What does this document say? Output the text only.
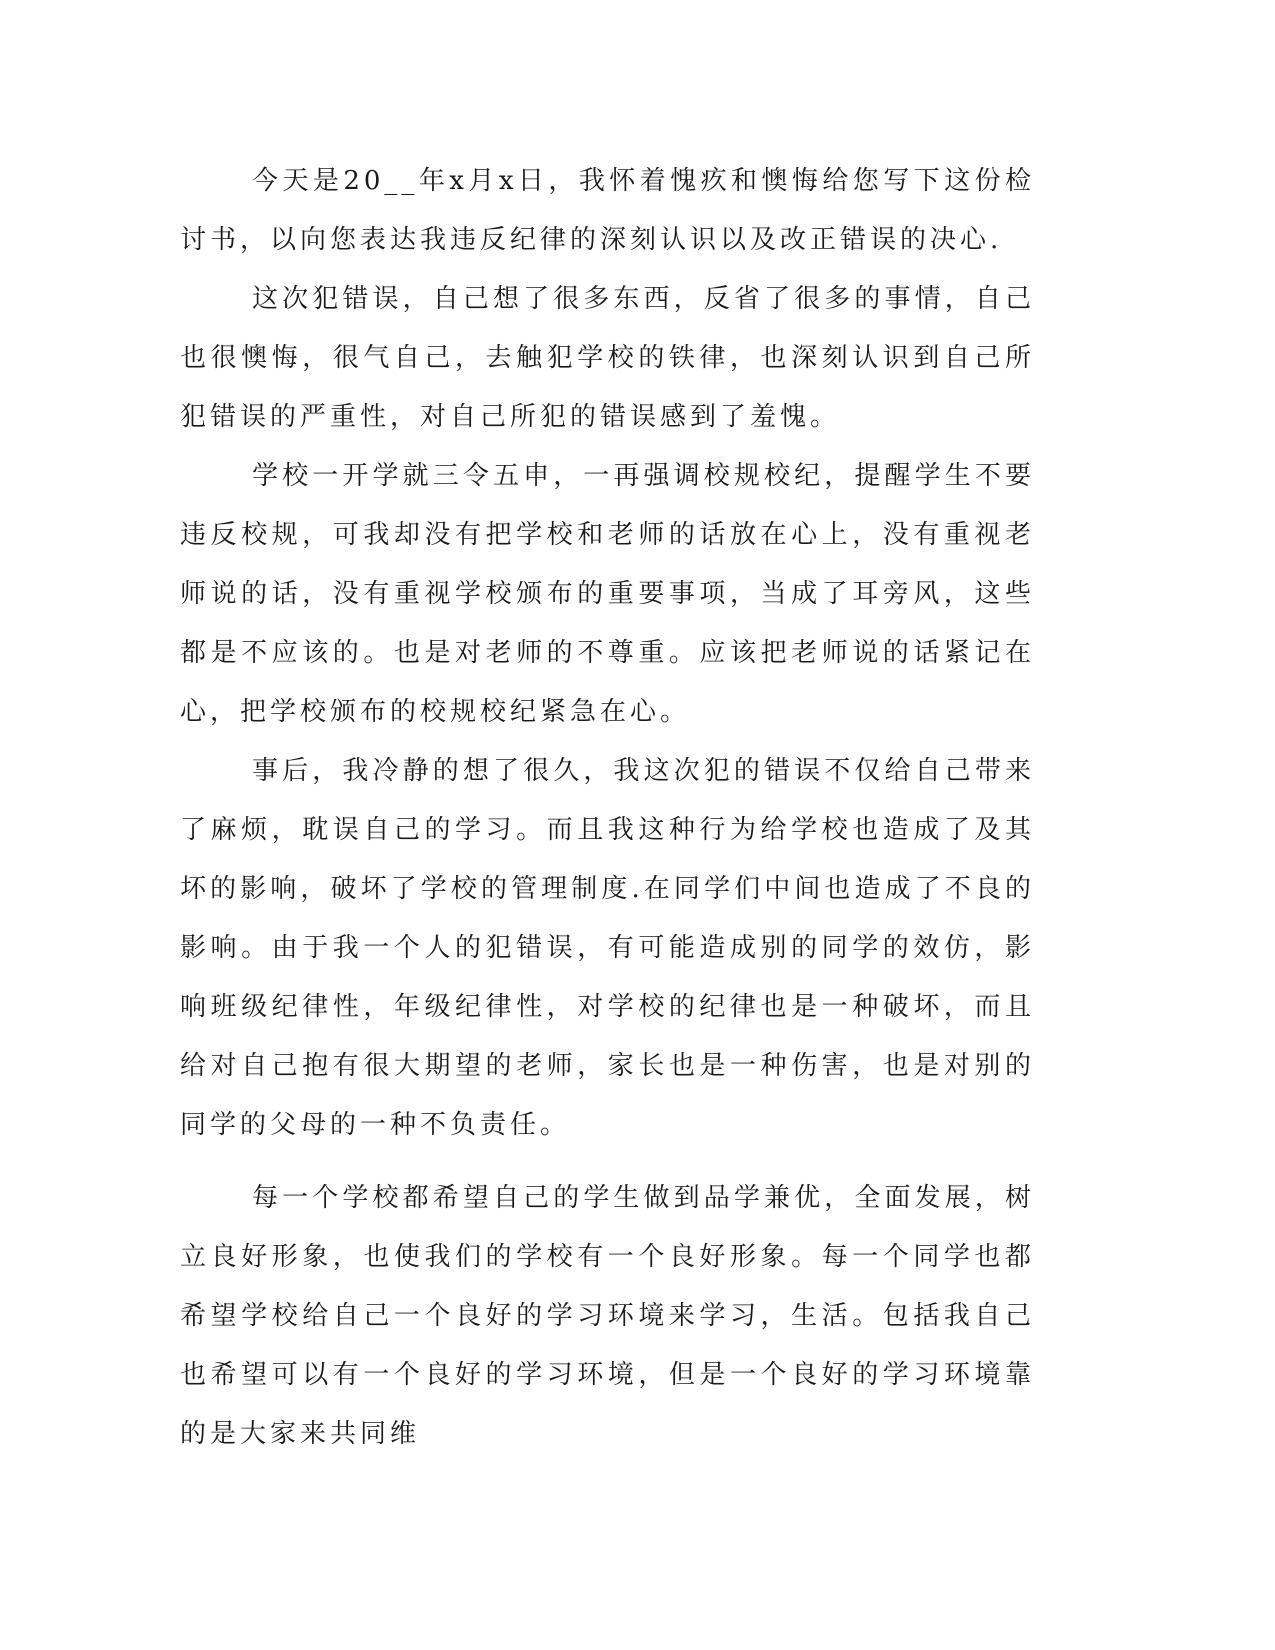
今天是20__年x月x日，我怀着愧疚和懊悔给您写下这份检讨书，以向您表达我违反纪律的深刻认识以及改正错误的决心.

这次犯错误，自己想了很多东西，反省了很多的事情，自己也很懊悔，很气自己，去触犯学校的铁律，也深刻认识到自己所犯错误的严重性，对自己所犯的错误感到了羞愧。

学校一开学就三令五申，一再强调校规校纪，提醒学生不要违反校规，可我却没有把学校和老师的话放在心上，没有重视老师说的话，没有重视学校颁布的重要事项，当成了耳旁风，这些都是不应该的。也是对老师的不尊重。应该把老师说的话紧记在心，把学校颁布的校规校纪紧急在心。

事后，我冷静的想了很久，我这次犯的错误不仅给自己带来了麻烦，耽误自己的学习。而且我这种行为给学校也造成了及其坏的影响，破坏了学校的管理制度.在同学们中间也造成了不良的影响。由于我一个人的犯错误，有可能造成别的同学的效仿，影响班级纪律性，年级纪律性，对学校的纪律也是一种破坏，而且给对自己抱有很大期望的老师，家长也是一种伤害，也是对别的同学的父母的一种不负责任。

每一个学校都希望自己的学生做到品学兼优，全面发展，树立良好形象，也使我们的学校有一个良好形象。每一个同学也都希望学校给自己一个良好的学习环境来学习，生活。包括我自己也希望可以有一个良好的学习环境，但是一个良好的学习环境靠的是大家来共同维
